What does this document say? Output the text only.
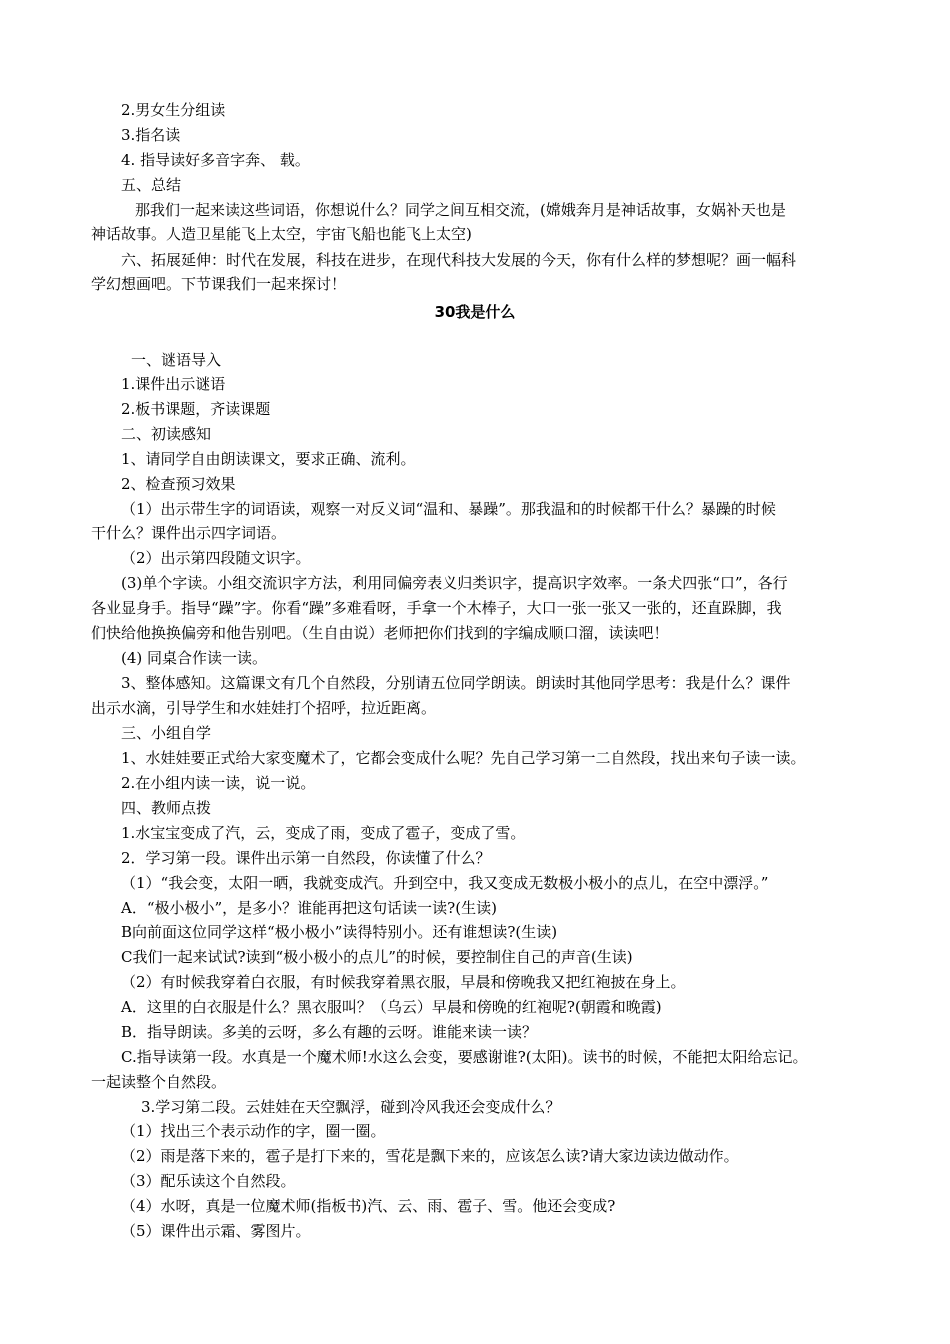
2.男女生分组读
3.指名读
4. 指导读好多音字奔、 载。
五、总结
那我们一起来读这些词语，你想说什么？同学之间互相交流，(嫦娥奔月是神话故事，女娲补天也是
神话故事。人造卫星能飞上太空，宇宙飞船也能飞上太空)
六、拓展延伸：时代在发展，科技在进步，在现代科技大发展的今天，你有什么样的梦想呢？画一幅科
学幻想画吧。下节课我们一起来探讨！
30我是什么
一、谜语导入
1.课件出示谜语
2.板书课题，齐读课题
二、初读感知
1、请同学自由朗读课文，要求正确、流利。
2、检查预习效果
（1）出示带生字的词语读，观察一对反义词“温和、暴躁”。那我温和的时候都干什么？暴躁的时候
干什么？课件出示四字词语。
（2）出示第四段随文识字。
(3)单个字读。小组交流识字方法，利用同偏旁表义归类识字，提高识字效率。一条犬四张“口”，各行
各业显身手。指导“躁”字。你看“躁”多难看呀，手拿一个木棒子，大口一张一张又一张的，还直跺脚，我
们快给他换换偏旁和他告别吧。（生自由说）老师把你们找到的字编成顺口溜，读读吧！
(4) 同桌合作读一读。
3、整体感知。这篇课文有几个自然段，分别请五位同学朗读。朗读时其他同学思考：我是什么？课件
出示水滴，引导学生和水娃娃打个招呼，拉近距离。
三、小组自学
1、水娃娃要正式给大家变魔术了，它都会变成什么呢？先自己学习第一二自然段，找出来句子读一读。
2.在小组内读一读，说一说。
四、教师点拨
1.水宝宝变成了汽，云，变成了雨，变成了雹子，变成了雪。
2．学习第一段。课件出示第一自然段，你读懂了什么？
（1）“我会变，太阳一晒，我就变成汽。升到空中，我又变成无数极小极小的点儿，在空中漂浮。”
A．“极小极小”，是多小？谁能再把这句话读一读?(生读)
B向前面这位同学这样“极小极小”读得特别小。还有谁想读?(生读)
C我们一起来试试?读到“极小极小的点儿”的时候，要控制住自己的声音(生读)
（2）有时候我穿着白衣服，有时候我穿着黑衣服，早晨和傍晚我又把红袍披在身上。
A．这里的白衣服是什么？黑衣服叫？（乌云）早晨和傍晚的红袍呢?(朝霞和晚霞)
B．指导朗读。多美的云呀，多么有趣的云呀。谁能来读一读？
C.指导读第一段。水真是一个魔术师!水这么会变，要感谢谁?(太阳)。读书的时候，不能把太阳给忘记。
一起读整个自然段。
3.学习第二段。云娃娃在天空飘浮，碰到冷风我还会变成什么？
（1）找出三个表示动作的字，圈一圈。
（2）雨是落下来的，雹子是打下来的，雪花是飘下来的，应该怎么读?请大家边读边做动作。
（3）配乐读这个自然段。
（4）水呀，真是一位魔术师(指板书)汽、云、雨、雹子、雪。他还会变成?
（5）课件出示霜、雾图片。
